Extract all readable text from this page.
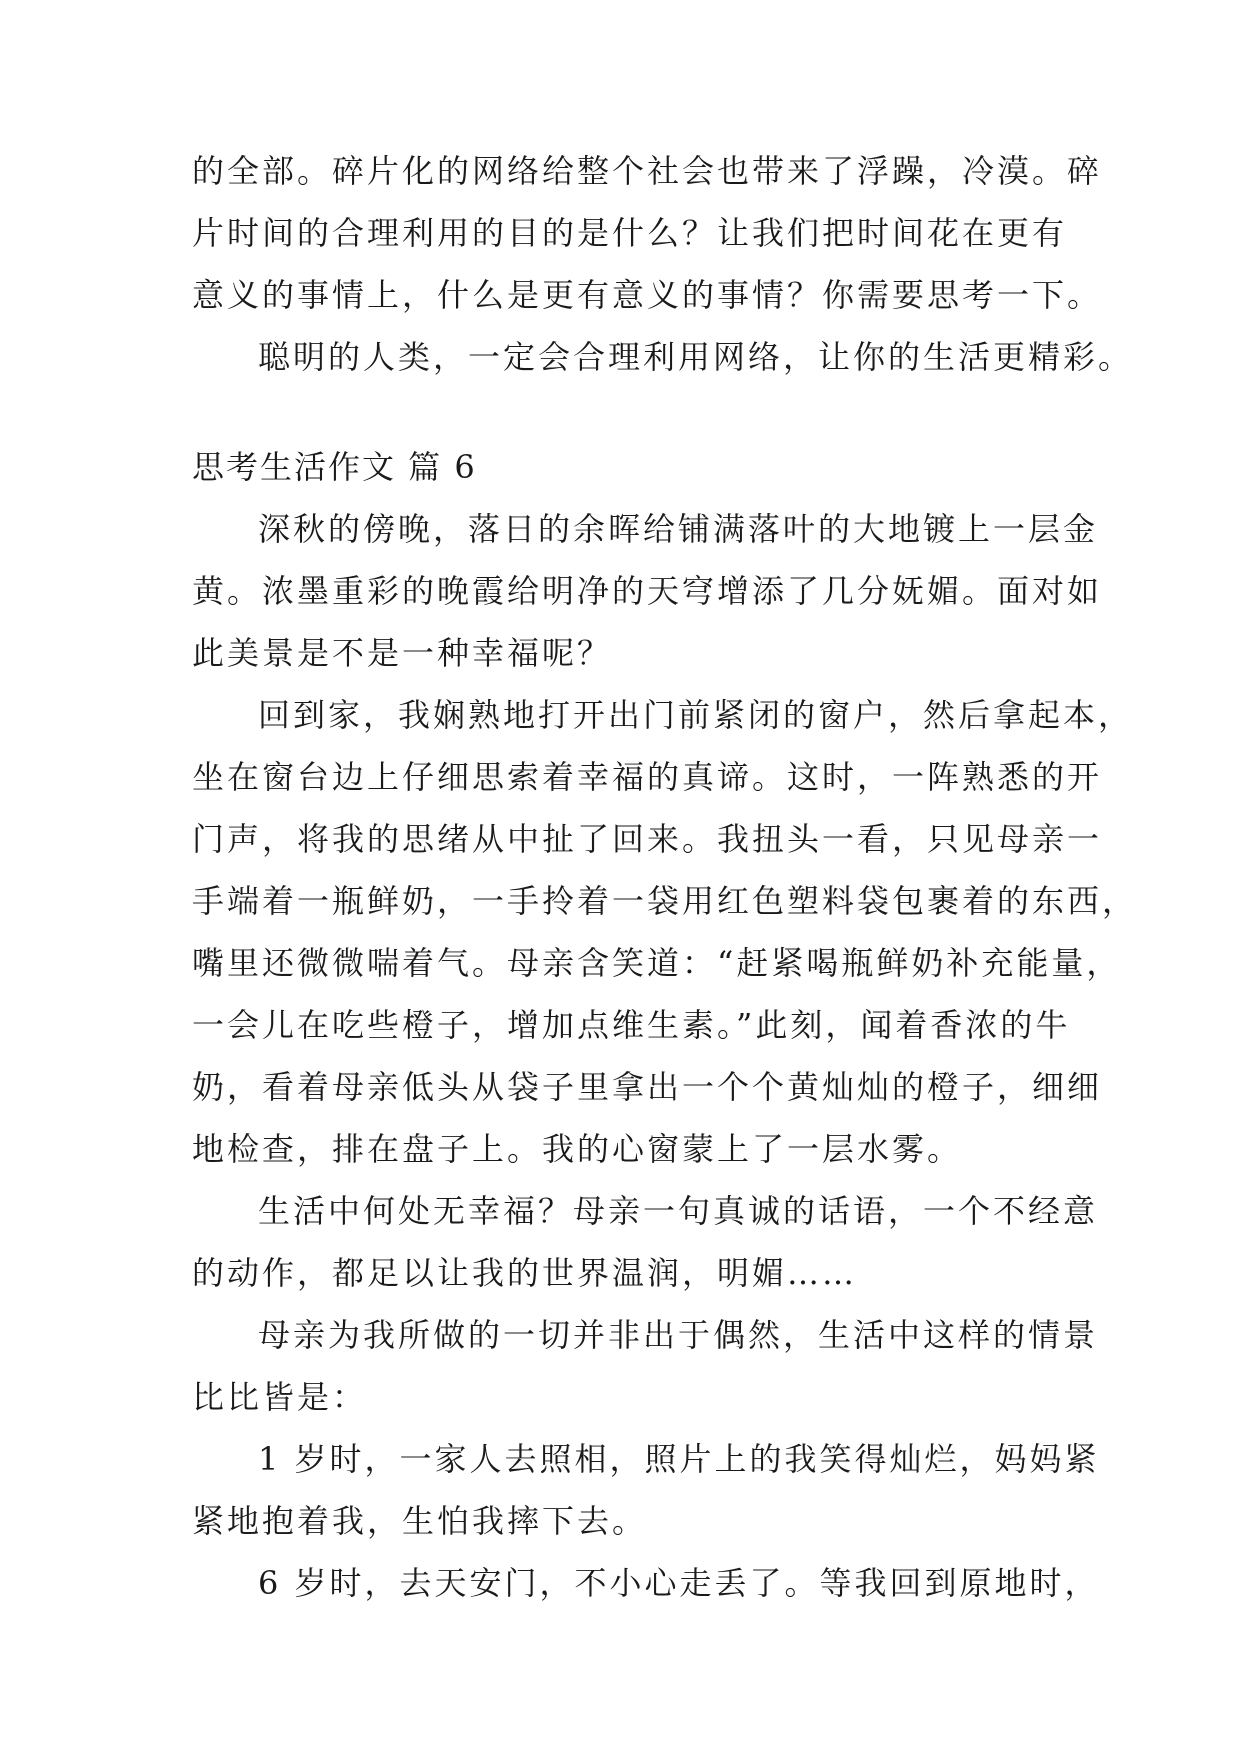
的全部。碎片化的网络给整个社会也带来了浮躁，冷漠。碎
片时间的合理利用的目的是什么？让我们把时间花在更有
意义的事情上，什么是更有意义的事情？你需要思考一下。
聪明的人类，一定会合理利用网络，让你的生活更精彩。
思考生活作文 篇 6
深秋的傍晚，落日的余晖给铺满落叶的大地镀上一层金
黄。浓墨重彩的晚霞给明净的天穹增添了几分妩媚。面对如
此美景是不是一种幸福呢？
回到家，我娴熟地打开出门前紧闭的窗户，然后拿起本，
坐在窗台边上仔细思索着幸福的真谛。这时，一阵熟悉的开
门声，将我的思绪从中扯了回来。我扭头一看，只见母亲一
手端着一瓶鲜奶，一手拎着一袋用红色塑料袋包裹着的东西，
嘴里还微微喘着气。母亲含笑道：“赶紧喝瓶鲜奶补充能量，
一会儿在吃些橙子，增加点维生素。”此刻，闻着香浓的牛
奶，看着母亲低头从袋子里拿出一个个黄灿灿的橙子，细细
地检查，排在盘子上。我的心窗蒙上了一层水雾。
生活中何处无幸福？母亲一句真诚的话语，一个不经意
的动作，都足以让我的世界温润，明媚……
母亲为我所做的一切并非出于偶然，生活中这样的情景
比比皆是：
1 岁时，一家人去照相，照片上的我笑得灿烂，妈妈紧
紧地抱着我，生怕我摔下去。
6 岁时，去天安门，不小心走丢了。等我回到原地时，
